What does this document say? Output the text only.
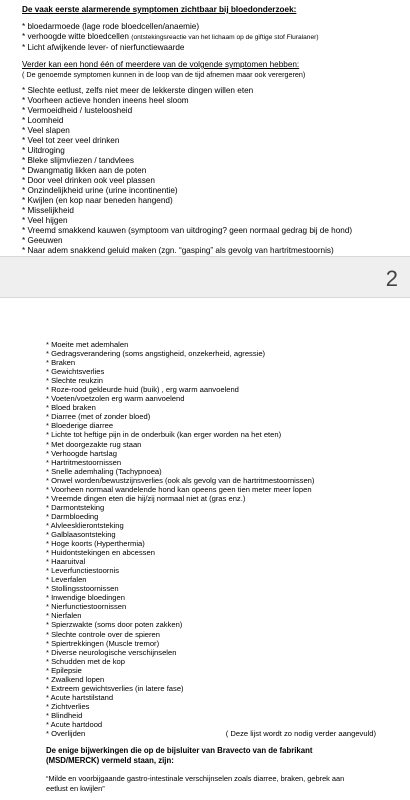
De vaak eerste alarmerende symptomen zichtbaar bij bloedonderzoek:
* bloedarmoede (lage rode bloedcellen/anaemie)
* verhoogde witte bloedcellen (ontstekingsreactie van het lichaam op de giftige stof Fluralaner)
* Licht afwijkende lever- of nierfunctiewaarde
Verder kan een hond één of meerdere van de volgende symptomen hebben:
( De genoemde symptomen kunnen in de loop van de tijd afnemen maar ook verergeren)
* Slechte eetlust, zelfs niet meer de lekkerste dingen willen eten
* Voorheen actieve honden ineens heel sloom
* Vermoeidheid / lusteloosheid
* Loomheid
* Veel slapen
* Veel tot zeer veel drinken
* Uitdroging
* Bleke slijmvliezen / tandvlees
* Dwangmatig likken aan de poten
* Door veel drinken ook veel plassen
* Onzindelijkheid urine (urine incontinentie)
* Kwijlen (en kop naar beneden hangend)
* Misselijkheid
* Veel hijgen
* Vreemd smakkend kauwen (symptoom van uitdroging? geen normaal gedrag bij de hond)
* Geeuwen
* Naar adem snakkend geluid maken (zgn. “gasping” als gevolg van hartritmestoornis)
2
* Moeite met ademhalen
* Gedragsverandering (soms angstigheid, onzekerheid, agressie)
* Braken
* Gewichtsverlies
* Slechte reukzin
* Roze-rood gekleurde huid (buik) , erg warm aanvoelend
* Voeten/voetzolen erg warm aanvoelend
* Bloed braken
* Diarree (met of zonder bloed)
* Bloederige diarree
* Lichte tot heftige pijn in de onderbuik (kan erger worden na het eten)
* Met doorgezakte rug staan
* Verhoogde hartslag
* Hartritmestoornissen
* Snelle ademhaling (Tachypnoea)
* Onwel worden/bewustzijnsverlies (ook als gevolg van de hartritmestoornissen)
* Voorheen normaal wandelende hond kan opeens geen tien meter meer lopen
* Vreemde dingen eten die hij/zij normaal niet at (gras enz.)
* Darmontsteking
* Darmbloeding
* Alvleesklierontsteking
* Galblaasontsteking
* Hoge koorts (Hyperthermia)
* Huidontstekingen en abcessen
* Haaruitval
* Leverfunctiestoornis
* Leverfalen
* Stollingsstoornissen
* Inwendige bloedingen
* Nierfunctiestoornissen
* Nierfalen
* Spierzwakte (soms door poten zakken)
* Slechte controle over de spieren
* Spiertrekkingen (Muscle tremor)
* Diverse neurologische verschijnselen
* Schudden met de kop
* Epilepsie
* Zwalkend lopen
* Extreem gewichtsverlies (in latere fase)
* Acute hartstilstand
* Zichtverlies
* Blindheid
* Acute hartdood
* Overlijden	( Deze lijst wordt zo nodig verder aangevuld)
De enige bijwerkingen die op de bijsluiter van Bravecto van de fabrikant
(MSD/MERCK) vermeld staan, zijn:
“Milde en voorbijgaande gastro-intestinale verschijnselen zoals diarree, braken, gebrek aan eetlust en kwijlen”
